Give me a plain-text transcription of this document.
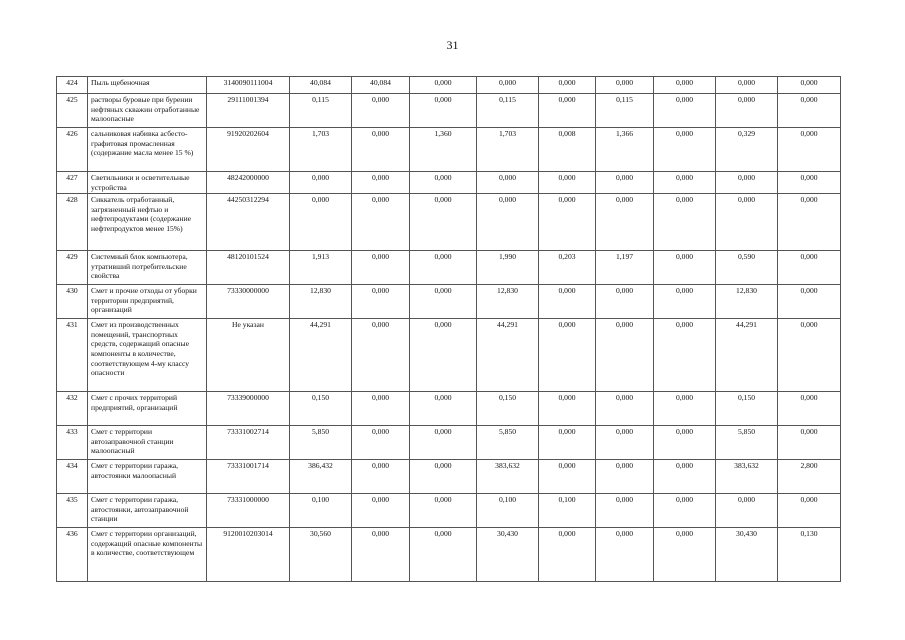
31
424	Пыль щебеночная	3140090111004	40,084	40,084	0,000	0,000	0,000	0,000	0,000	0,000	0,000
425	растворы буровые при бурении нефтяных скважин отработанные малоопасные	29111001394	0,115	0,000	0,000	0,115	0,000	0,115	0,000	0,000	0,000
426	сальниковая набивка асбесто-графитовая промасленная (содержание масла менее 15 %)	91920202604	1,703	0,000	1,360	1,703	0,008	1,366	0,000	0,329	0,000
427	Светильники и осветительные устройства	48242000000	0,000	0,000	0,000	0,000	0,000	0,000	0,000	0,000	0,000
428	Сиккатель отработанный, загрязненный нефтью и нефтепродуктами (содержание нефтепродуктов менее 15%)	44250312294	0,000	0,000	0,000	0,000	0,000	0,000	0,000	0,000	0,000
429	Системный блок компьютера, утративший потребительские свойства	48120101524	1,913	0,000	0,000	1,990	0,203	1,197	0,000	0,590	0,000
430	Смет и прочие отходы от уборки территории предприятий, организаций	73330000000	12,830	0,000	0,000	12,830	0,000	0,000	0,000	12,830	0,000
431	Смет из производственных помещений, транспортных средств, содержащий опасные компоненты в количестве, соответствующем 4-му классу опасности	Не указан	44,291	0,000	0,000	44,291	0,000	0,000	0,000	44,291	0,000
432	Смет с прочих территорий предприятий, организаций	73339000000	0,150	0,000	0,000	0,150	0,000	0,000	0,000	0,150	0,000
433	Смет с территории автозаправочной станции малоопасный	73331002714	5,850	0,000	0,000	5,850	0,000	0,000	0,000	5,850	0,000
434	Смет с территории гаража, автостоянки малоопасный	73331001714	386,432	0,000	0,000	383,632	0,000	0,000	0,000	383,632	2,800
435	Смет с территории гаража, автостоянки, автозаправочной станции	73331000000	0,100	0,000	0,000	0,100	0,100	0,000	0,000	0,000	0,000
436	Смет с территории организаций, содержащий опасные компоненты в количестве, соответствующем	9120010203014	30,560	0,000	0,000	30,430	0,000	0,000	0,000	30,430	0,130
